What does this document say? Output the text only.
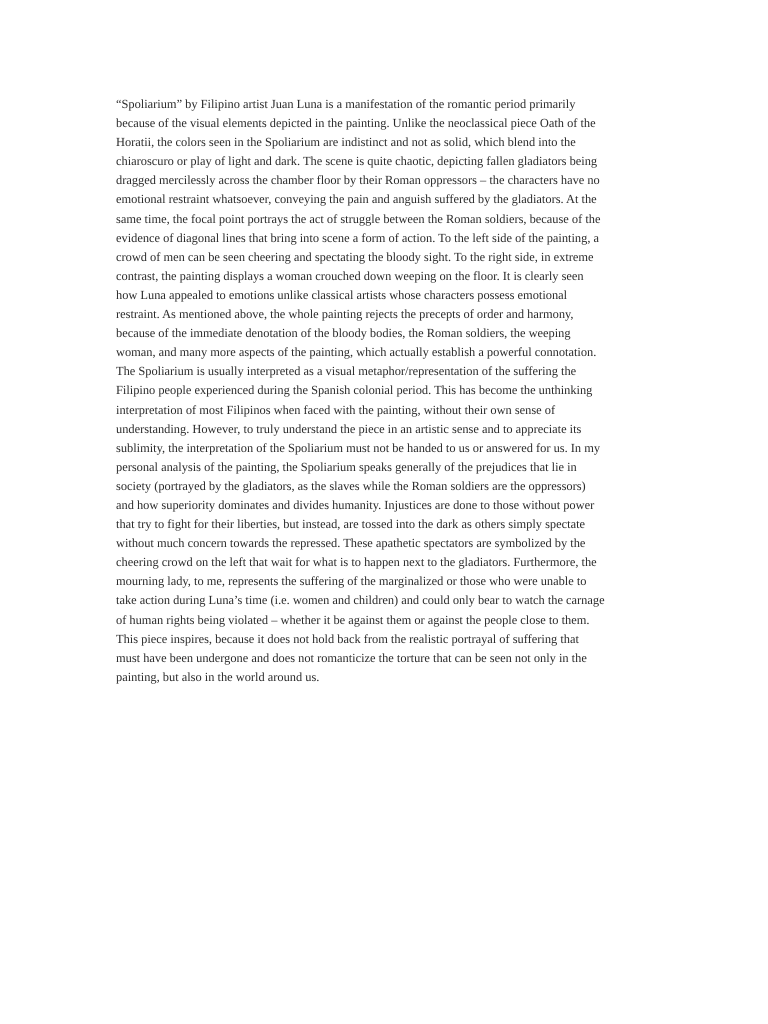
“Spoliarium” by Filipino artist Juan Luna is a manifestation of the romantic period primarily
because of the visual elements depicted in the painting. Unlike the neoclassical piece Oath of the
Horatii, the colors seen in the Spoliarium are indistinct and not as solid, which blend into the
chiaroscuro or play of light and dark. The scene is quite chaotic, depicting fallen gladiators being
dragged mercilessly across the chamber floor by their Roman oppressors – the characters have no
emotional restraint whatsoever, conveying the pain and anguish suffered by the gladiators. At the
same time, the focal point portrays the act of struggle between the Roman soldiers, because of the
evidence of diagonal lines that bring into scene a form of action. To the left side of the painting, a
crowd of men can be seen cheering and spectating the bloody sight. To the right side, in extreme
contrast, the painting displays a woman crouched down weeping on the floor. It is clearly seen
how Luna appealed to emotions unlike classical artists whose characters possess emotional
restraint. As mentioned above, the whole painting rejects the precepts of order and harmony,
because of the immediate denotation of the bloody bodies, the Roman soldiers, the weeping
woman, and many more aspects of the painting, which actually establish a powerful connotation.
The Spoliarium is usually interpreted as a visual metaphor/representation of the suffering the
Filipino people experienced during the Spanish colonial period. This has become the unthinking
interpretation of most Filipinos when faced with the painting, without their own sense of
understanding. However, to truly understand the piece in an artistic sense and to appreciate its
sublimity, the interpretation of the Spoliarium must not be handed to us or answered for us. In my
personal analysis of the painting, the Spoliarium speaks generally of the prejudices that lie in
society (portrayed by the gladiators, as the slaves while the Roman soldiers are the oppressors)
and how superiority dominates and divides humanity. Injustices are done to those without power
that try to fight for their liberties, but instead, are tossed into the dark as others simply spectate
without much concern towards the repressed. These apathetic spectators are symbolized by the
cheering crowd on the left that wait for what is to happen next to the gladiators. Furthermore, the
mourning lady, to me, represents the suffering of the marginalized or those who were unable to
take action during Luna’s time (i.e. women and children) and could only bear to watch the carnage
of human rights being violated – whether it be against them or against the people close to them.
This piece inspires, because it does not hold back from the realistic portrayal of suffering that
must have been undergone and does not romanticize the torture that can be seen not only in the
painting, but also in the world around us.
